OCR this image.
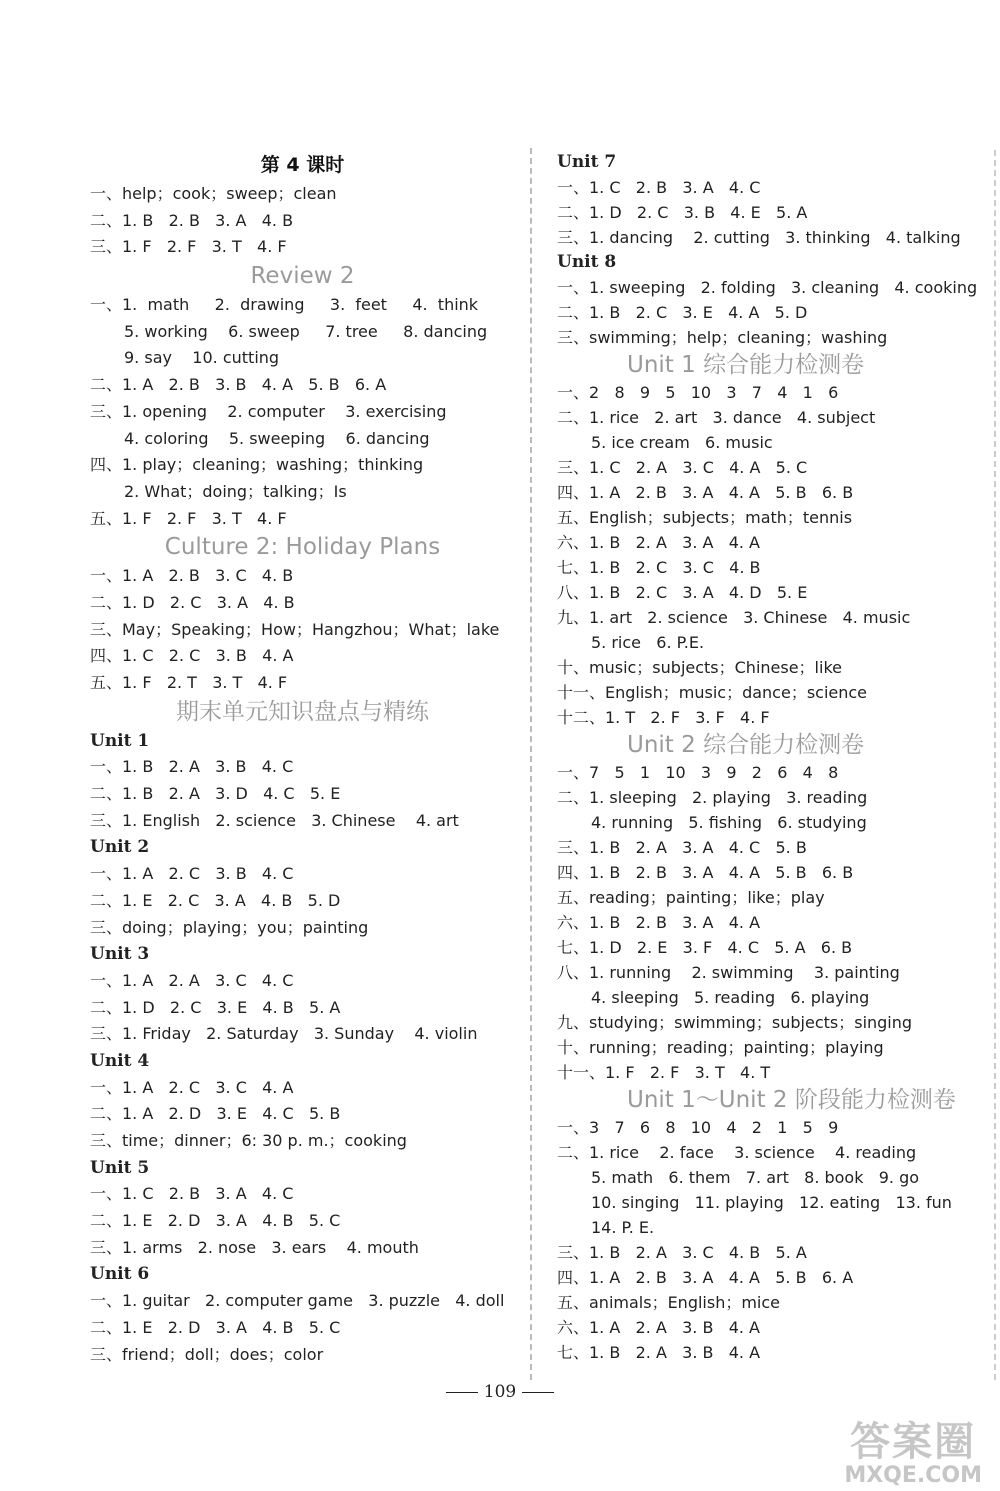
第 4 课时
一、help；cook；sweep；clean
二、1. B   2. B   3. A   4. B
三、1. F   2. F   3. T   4. F
Review 2
一、1.  math     2.  drawing     3.  feet     4.  think
5. working    6. sweep     7. tree     8. dancing
9. say    10. cutting
二、1. A   2. B   3. B   4. A   5. B   6. A
三、1. opening    2. computer    3. exercising
4. coloring    5. sweeping    6. dancing
四、1. play；cleaning；washing；thinking
2. What；doing；talking；Is
五、1. F   2. F   3. T   4. F
Culture 2: Holiday Plans
一、1. A   2. B   3. C   4. B
二、1. D   2. C   3. A   4. B
三、May；Speaking；How；Hangzhou；What；lake
四、1. C   2. C   3. B   4. A
五、1. F   2. T   3. T   4. F
期末单元知识盘点与精练
Unit 1
一、1. B   2. A   3. B   4. C
二、1. B   2. A   3. D   4. C   5. E
三、1. English   2. science   3. Chinese    4. art
Unit 2
一、1. A   2. C   3. B   4. C
二、1. E   2. C   3. A   4. B   5. D
三、doing；playing；you；painting
Unit 3
一、1. A   2. A   3. C   4. C
二、1. D   2. C   3. E   4. B   5. A
三、1. Friday   2. Saturday   3. Sunday    4. violin
Unit 4
一、1. A   2. C   3. C   4. A
二、1. A   2. D   3. E   4. C   5. B
三、time；dinner；6: 30 p. m.；cooking
Unit 5
一、1. C   2. B   3. A   4. C
二、1. E   2. D   3. A   4. B   5. C
三、1. arms   2. nose   3. ears    4. mouth
Unit 6
一、1. guitar   2. computer game   3. puzzle   4. doll
二、1. E   2. D   3. A   4. B   5. C
三、friend；doll；does；color
Unit 7
一、1. C   2. B   3. A   4. C
二、1. D   2. C   3. B   4. E   5. A
三、1. dancing    2. cutting   3. thinking   4. talking
Unit 8
一、1. sweeping   2. folding   3. cleaning   4. cooking
二、1. B   2. C   3. E   4. A   5. D
三、swimming；help；cleaning；washing
Unit 1 综合能力检测卷
一、2   8   9   5   10   3   7   4   1   6
二、1. rice   2. art   3. dance   4. subject
5. ice cream   6. music
三、1. C   2. A   3. C   4. A   5. C
四、1. A   2. B   3. A   4. A   5. B   6. B
五、English；subjects；math；tennis
六、1. B   2. A   3. A   4. A
七、1. B   2. C   3. C   4. B
八、1. B   2. C   3. A   4. D   5. E
九、1. art   2. science   3. Chinese   4. music
5. rice   6. P.E.
十、music；subjects；Chinese；like
十一、English；music；dance；science
十二、1. T   2. F   3. F   4. F
Unit 2 综合能力检测卷
一、7   5   1   10   3   9   2   6   4   8
二、1. sleeping   2. playing   3. reading
4. running   5. fishing   6. studying
三、1. B   2. A   3. A   4. C   5. B
四、1. B   2. B   3. A   4. A   5. B   6. B
五、reading；painting；like；play
六、1. B   2. B   3. A   4. A
七、1. D   2. E   3. F   4. C   5. A   6. B
八、1. running    2. swimming    3. painting
4. sleeping   5. reading   6. playing
九、studying；swimming；subjects；singing
十、running；reading；painting；playing
十一、1. F   2. F   3. T   4. T
Unit 1～Unit 2 阶段能力检测卷
一、3   7   6   8   10   4   2   1   5   9
二、1. rice    2. face    3. science    4. reading
5. math   6. them   7. art   8. book   9. go
10. singing   11. playing   12. eating   13. fun
14. P. E.
三、1. B   2. A   3. C   4. B   5. A
四、1. A   2. B   3. A   4. A   5. B   6. A
五、animals；English；mice
六、1. A   2. A   3. B   4. A
七、1. B   2. A   3. B   4. A
109
答案圈
MXQE.COM
